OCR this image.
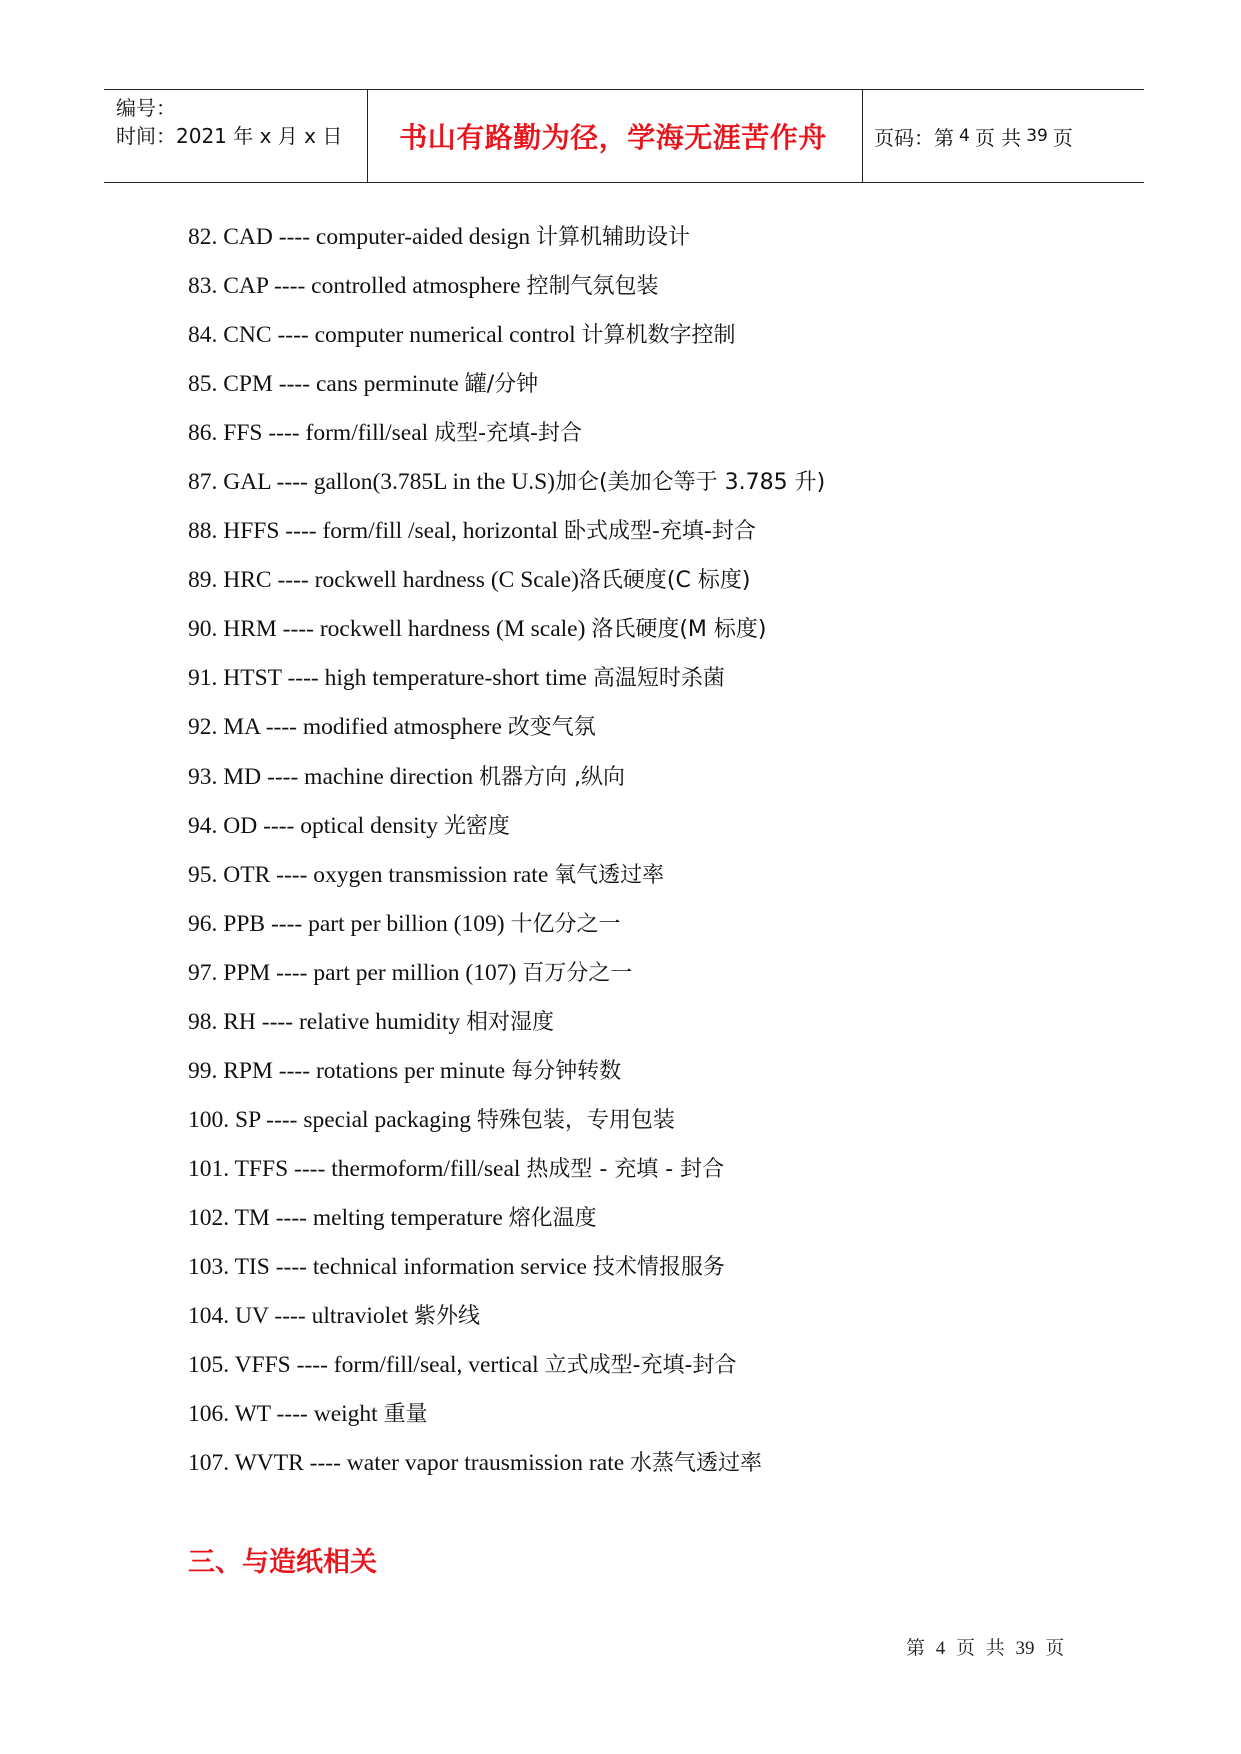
编号：
时间：2021 年 x 月 x 日	书山有路勤为径，学海无涯苦作舟	页码：第 4 页 共 39 页
82. CAD ---- computer-aided design 计算机辅助设计
83. CAP ---- controlled atmosphere 控制气氛包装
84. CNC ---- computer numerical control 计算机数字控制
85. CPM ---- cans perminute 罐/分钟
86. FFS ---- form/fill/seal 成型-充填-封合
87. GAL ---- gallon(3.785L in the U.S)加仑(美加仑等于 3.785 升)
88. HFFS ---- form/fill /seal, horizontal 卧式成型-充填-封合
89. HRC ---- rockwell hardness (C Scale)洛氏硬度(C 标度)
90. HRM ---- rockwell hardness (M scale) 洛氏硬度(M 标度)
91. HTST ---- high temperature-short time 高温短时杀菌
92. MA ---- modified atmosphere 改变气氛
93. MD ---- machine direction 机器方向 ,纵向
94. OD ---- optical density 光密度
95. OTR ---- oxygen transmission rate 氧气透过率
96. PPB ---- part per billion (109) 十亿分之一
97. PPM ---- part per million (107) 百万分之一
98. RH ---- relative humidity 相对湿度
99. RPM ---- rotations per minute 每分钟转数
100. SP ---- special packaging 特殊包装，专用包装
101. TFFS ---- thermoform/fill/seal 热成型 - 充填 - 封合
102. TM ---- melting temperature 熔化温度
103. TIS ---- technical information service 技术情报服务
104. UV ---- ultraviolet 紫外线
105. VFFS ---- form/fill/seal, vertical 立式成型-充填-封合
106. WT ---- weight 重量
107. WVTR ---- water vapor trausmission rate 水蒸气透过率
三、与造纸相关
第 4 页 共 39 页
